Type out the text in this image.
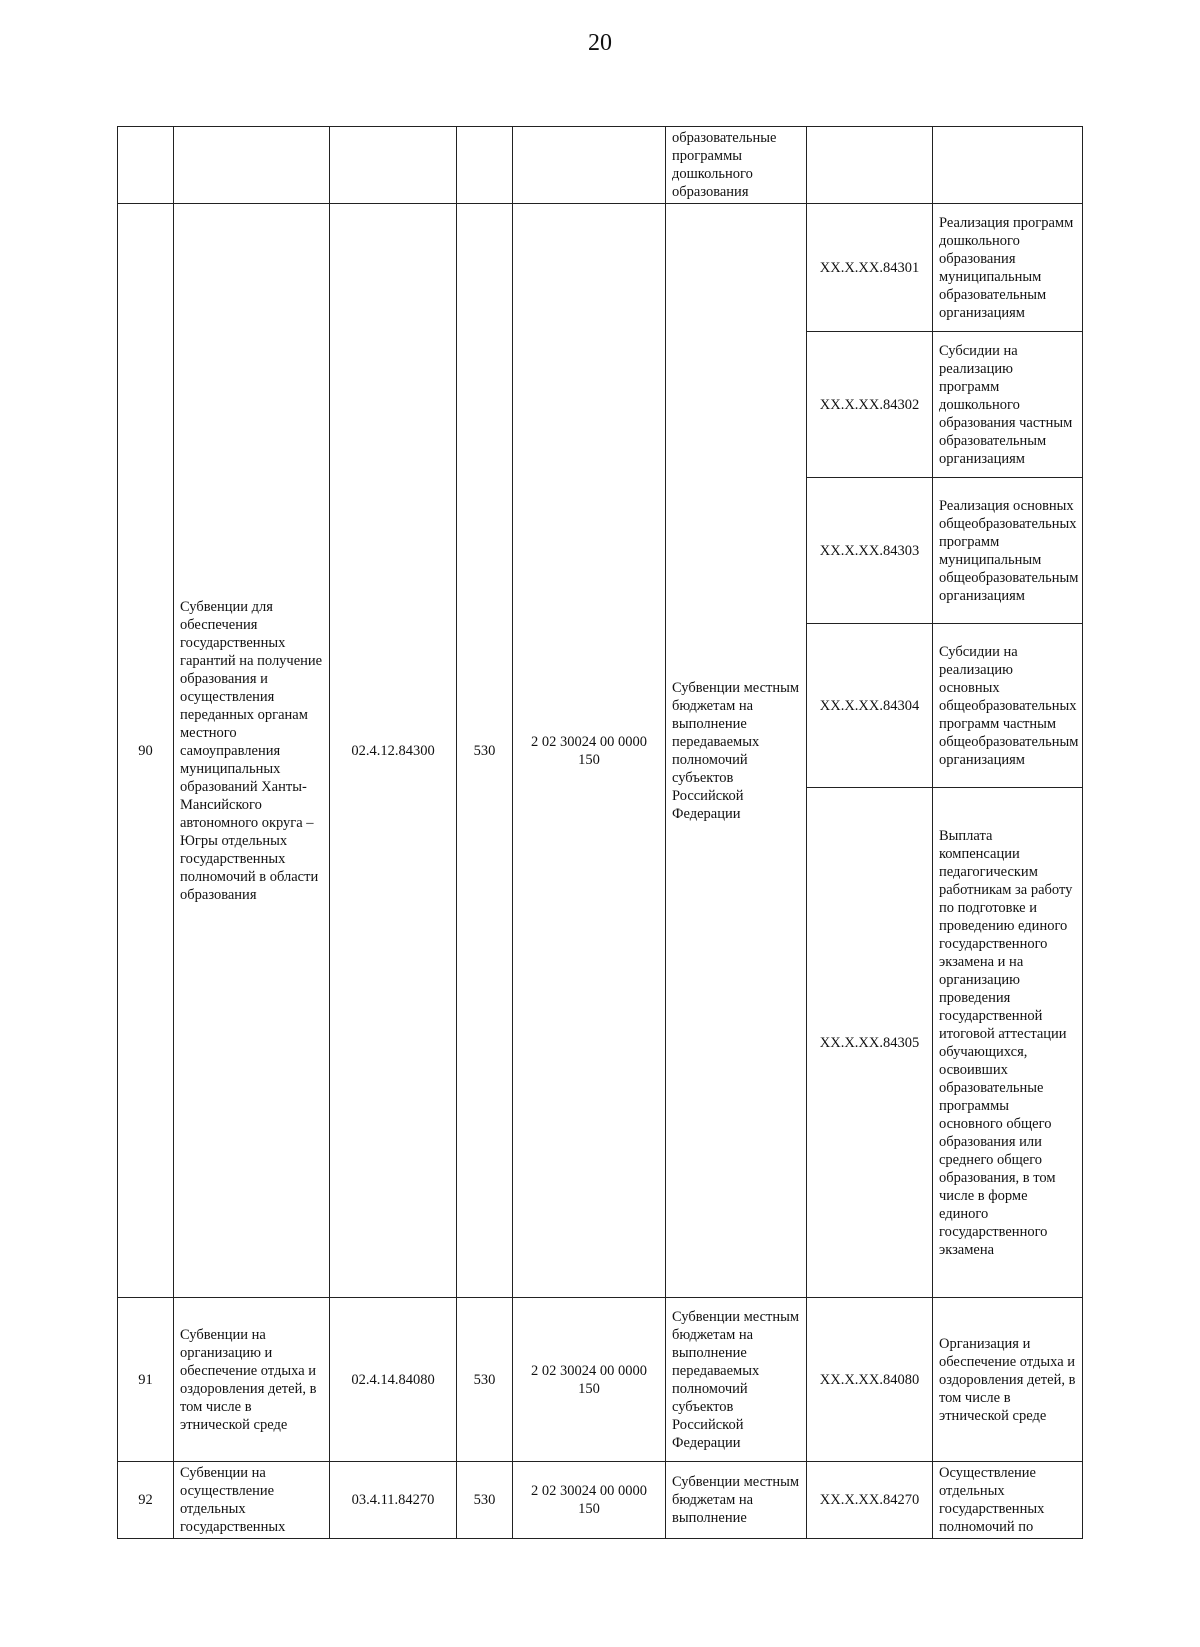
20
					образовательные программы дошкольного образования		
90	Субвенции для обеспечения государственных гарантий на получение образования и осуществления переданных органам местного самоуправления муниципальных образований Ханты-Мансийского автономного округа – Югры отдельных государственных полномочий в области образования	02.4.12.84300	530	2 02 30024 00 0000 150	Субвенции местным бюджетам на выполнение передаваемых полномочий субъектов Российской Федерации	XX.X.XX.84301	Реализация программ дошкольного образования муниципальным образовательным организациям
						XX.X.XX.84302	Субсидии на реализацию программ дошкольного образования частным образовательным организациям
						XX.X.XX.84303	Реализация основных общеобразовательных программ муниципальным общеобразовательным организациям
						XX.X.XX.84304	Субсидии на реализацию основных общеобразовательных программ частным общеобразовательным организациям
						XX.X.XX.84305	Выплата компенсации педагогическим работникам за работу по подготовке и проведению единого государственного экзамена и на организацию проведения государственной итоговой аттестации обучающихся, освоивших образовательные программы основного общего образования или среднего общего образования, в том числе в форме единого государственного экзамена
91	Субвенции на организацию и обеспечение отдыха и оздоровления детей, в том числе в этнической среде	02.4.14.84080	530	2 02 30024 00 0000 150	Субвенции местным бюджетам на выполнение передаваемых полномочий субъектов Российской Федерации	XX.X.XX.84080	Организация и обеспечение отдыха и оздоровления детей, в том числе в этнической среде
92	Субвенции на осуществление отдельных государственных	03.4.11.84270	530	2 02 30024 00 0000 150	Субвенции местным бюджетам на выполнение	XX.X.XX.84270	Осуществление отдельных государственных полномочий по
